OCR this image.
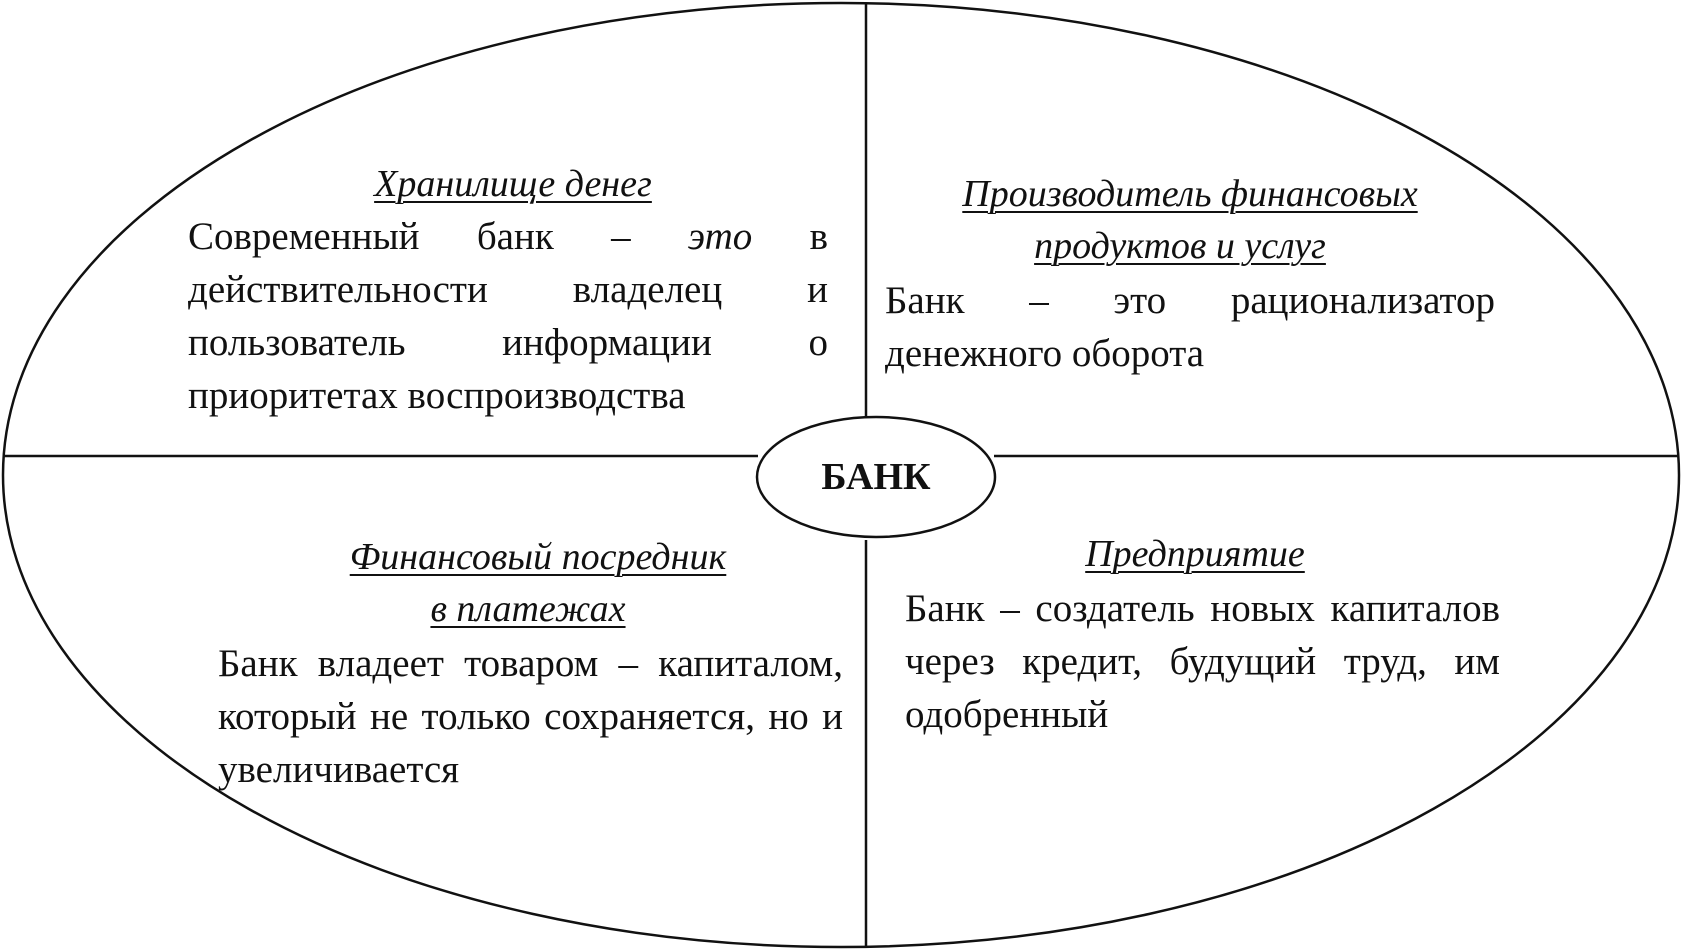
БАНК
Хранилище денег
Современный банк – это в действительности владелец и пользователь информации о приоритетах воспроизводства
Производитель финансовых
продуктов и услуг
Банк – это рационализатор денежного оборота
Финансовый посредник
в платежах
Банк владеет товаром – капиталом, который не только сохраняется, но и увеличивается
Предприятие
Банк – создатель новых капиталов через кредит, будущий труд, им одобренный
